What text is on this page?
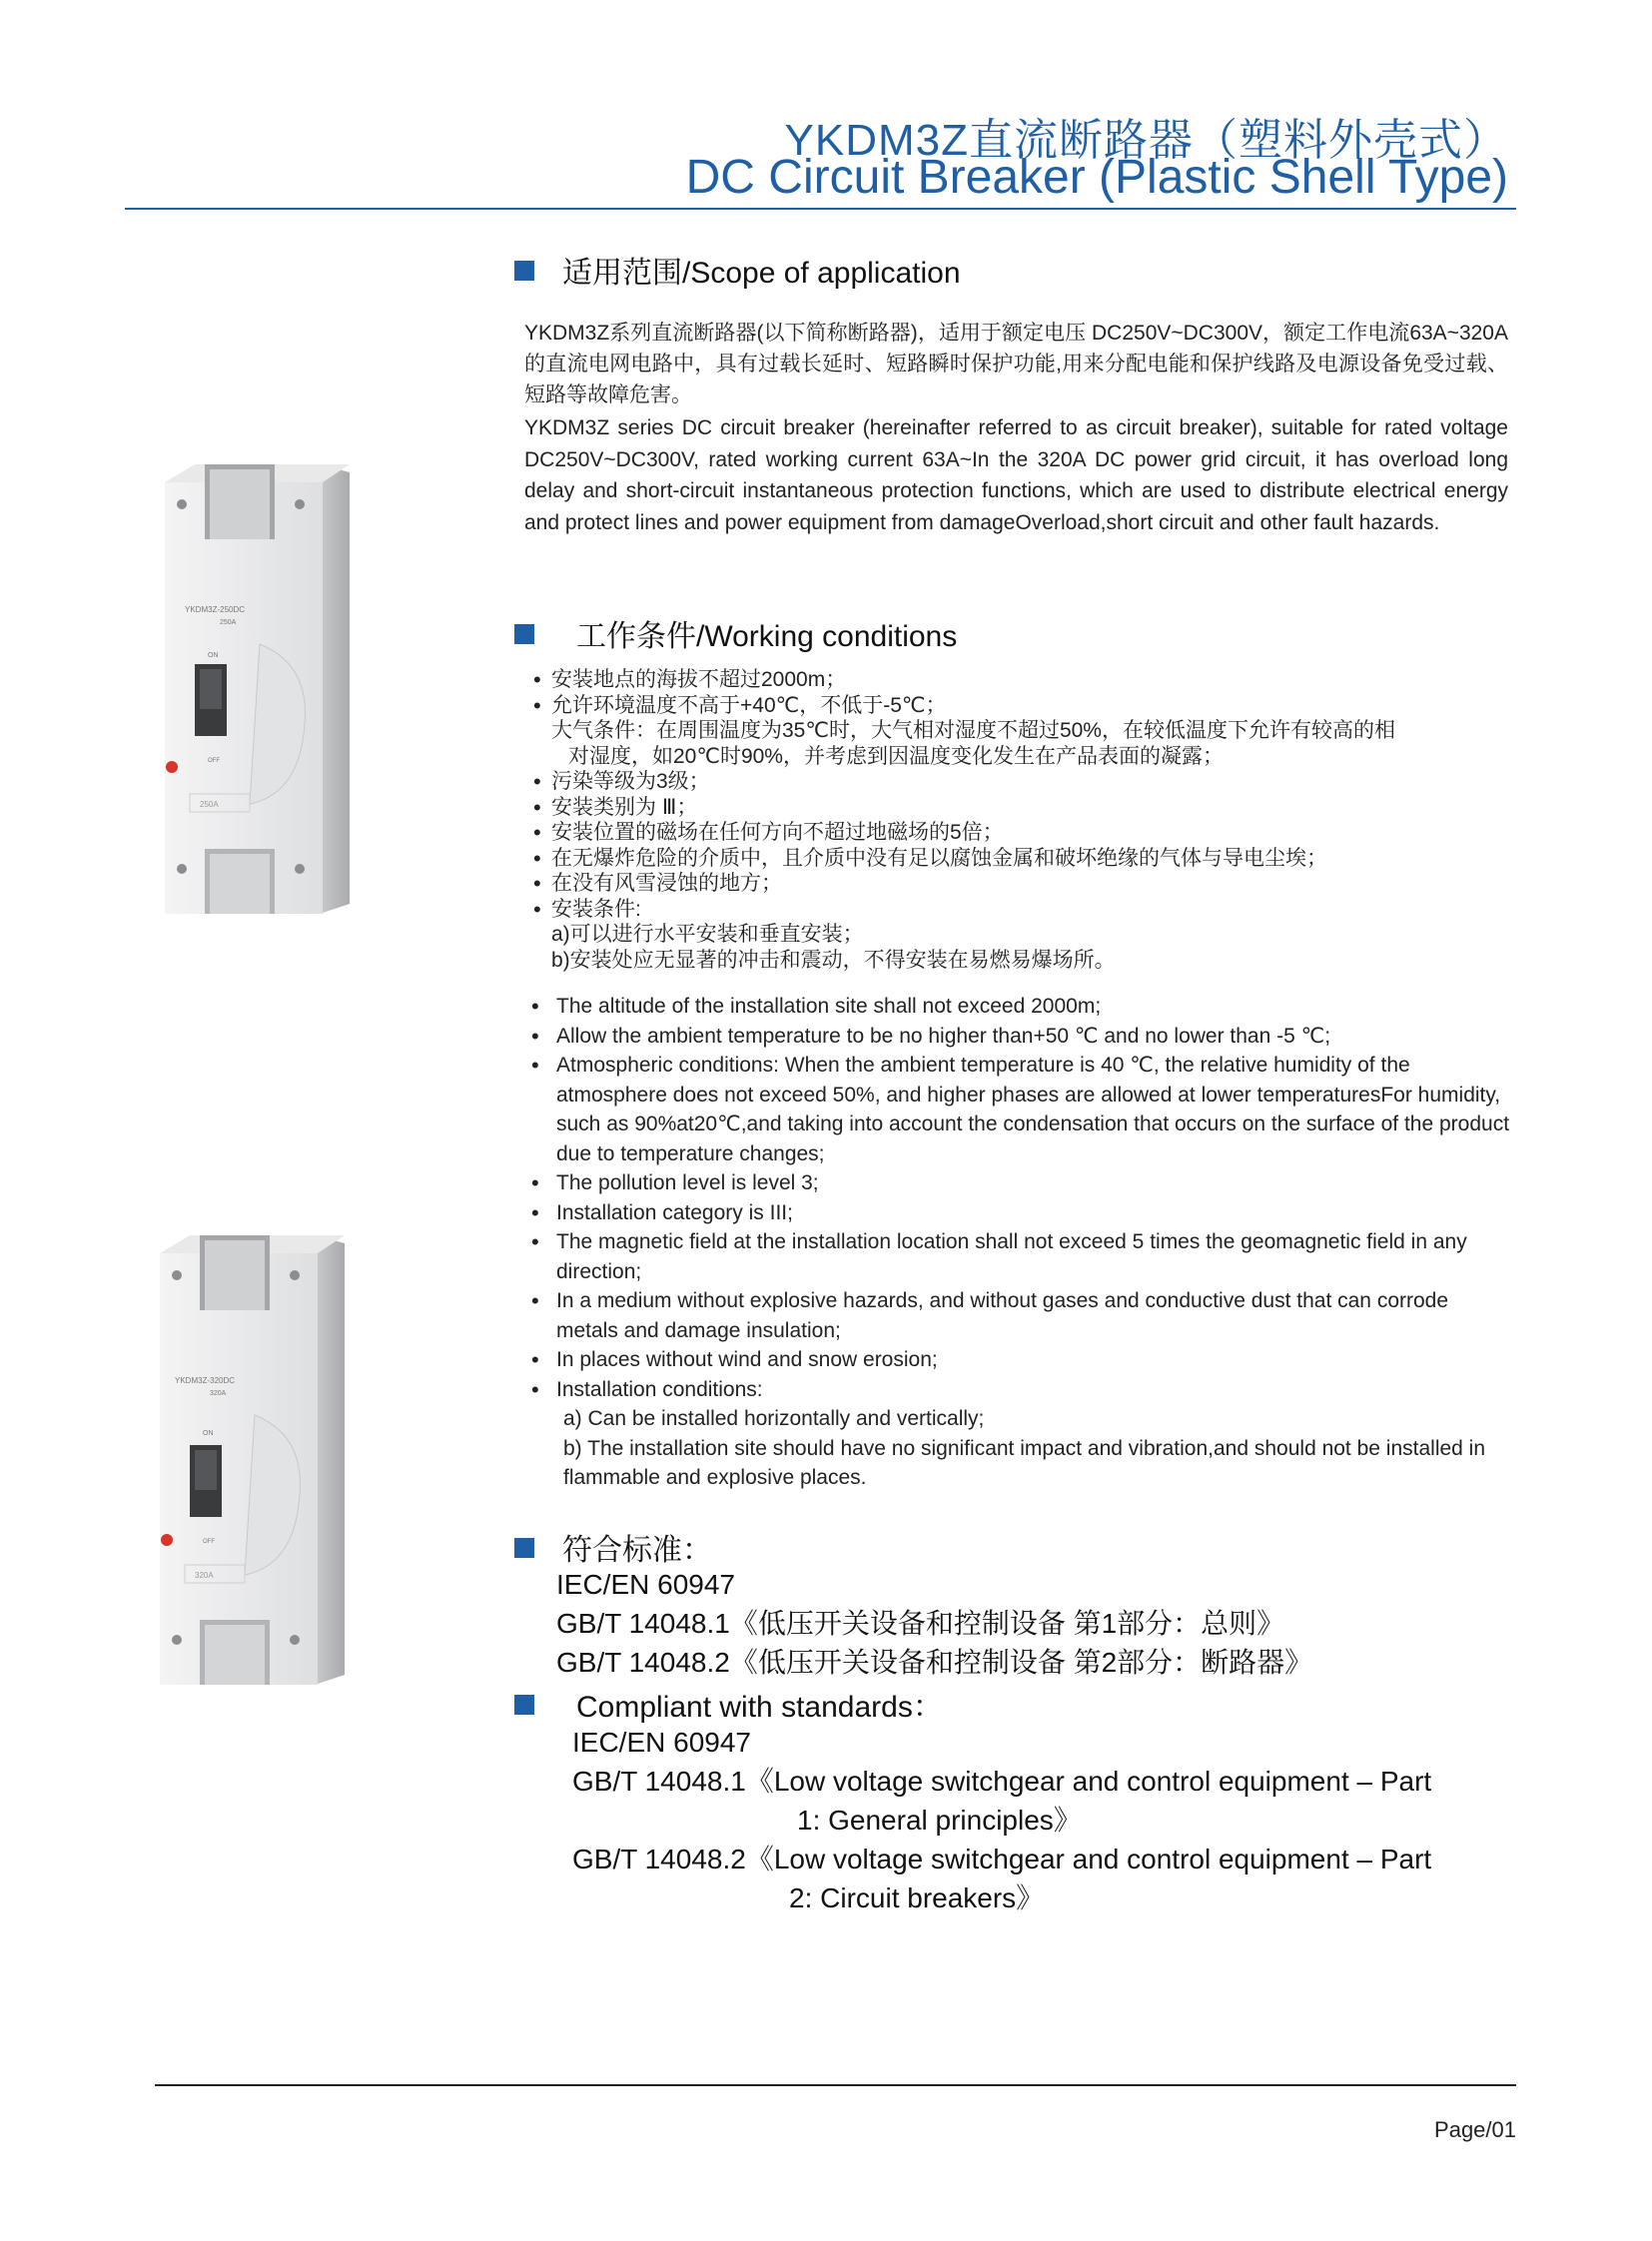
YKDM3Z直流断路器（塑料外壳式）
DC Circuit Breaker (Plastic Shell Type)
YKDM3Z-250DC
250A
ON
OFF
250A
YKDM3Z-320DC
320A
ON
OFF
320A
适用范围/Scope of application
YKDM3Z系列直流断路器(以下简称断路器)，适用于额定电压 DC250V~DC300V，额定工作电流63A~320A的直流电网电路中，具有过载长延时、短路瞬时保护功能,用来分配电能和保护线路及电源设备免受过载、短路等故障危害。
YKDM3Z series DC circuit breaker (hereinafter referred to as circuit breaker), suitable for rated voltage DC250V~DC300V, rated working current 63A~In the 320A DC power grid circuit, it has overload long delay and short-circuit instantaneous protection functions, which are used to distribute electrical energy and protect lines and power equipment from damageOverload,short circuit and other fault hazards.
工作条件/Working conditions
• 安装地点的海拔不超过2000m；
• 允许环境温度不高于+40℃，不低于-5℃；
大气条件：在周围温度为35℃时，大气相对湿度不超过50%，在较低温度下允许有较高的相
对湿度，如20℃时90%，并考虑到因温度变化发生在产品表面的凝露；
• 污染等级为3级；
• 安装类别为 Ⅲ；
• 安装位置的磁场在任何方向不超过地磁场的5倍；
• 在无爆炸危险的介质中，且介质中没有足以腐蚀金属和破坏绝缘的气体与导电尘埃；
• 在没有风雪浸蚀的地方；
• 安装条件:
a)可以进行水平安装和垂直安装；
b)安装处应无显著的冲击和震动，不得安装在易燃易爆场所。
• The altitude of the installation site shall not exceed 2000m;
• Allow the ambient temperature to be no higher than+50 ℃ and no lower than -5 ℃;
• Atmospheric conditions: When the ambient temperature is 40 ℃, the relative humidity of the atmosphere does not exceed 50%, and higher phases are allowed at lower temperaturesFor humidity, such as 90%at20℃,and taking into account the condensation that occurs on the surface of the product due to temperature changes;
• The pollution level is level 3;
• Installation category is III;
• The magnetic field at the installation location shall not exceed 5 times the geomagnetic field in any direction;
• In a medium without explosive hazards, and without gases and conductive dust that can corrode metals and damage insulation;
• In places without wind and snow erosion;
• Installation conditions:
a) Can be installed horizontally and vertically;
b) The installation site should have no significant impact and vibration,and should not be installed in flammable and explosive places.
符合标准：
IEC/EN 60947
GB/T 14048.1《低压开关设备和控制设备 第1部分：总则》
GB/T 14048.2《低压开关设备和控制设备 第2部分：断路器》
Compliant with standards：
IEC/EN 60947
GB/T 14048.1《Low voltage switchgear and control equipment – Part
1: General principles》
GB/T 14048.2《Low voltage switchgear and control equipment – Part
2: Circuit breakers》
Page/01
